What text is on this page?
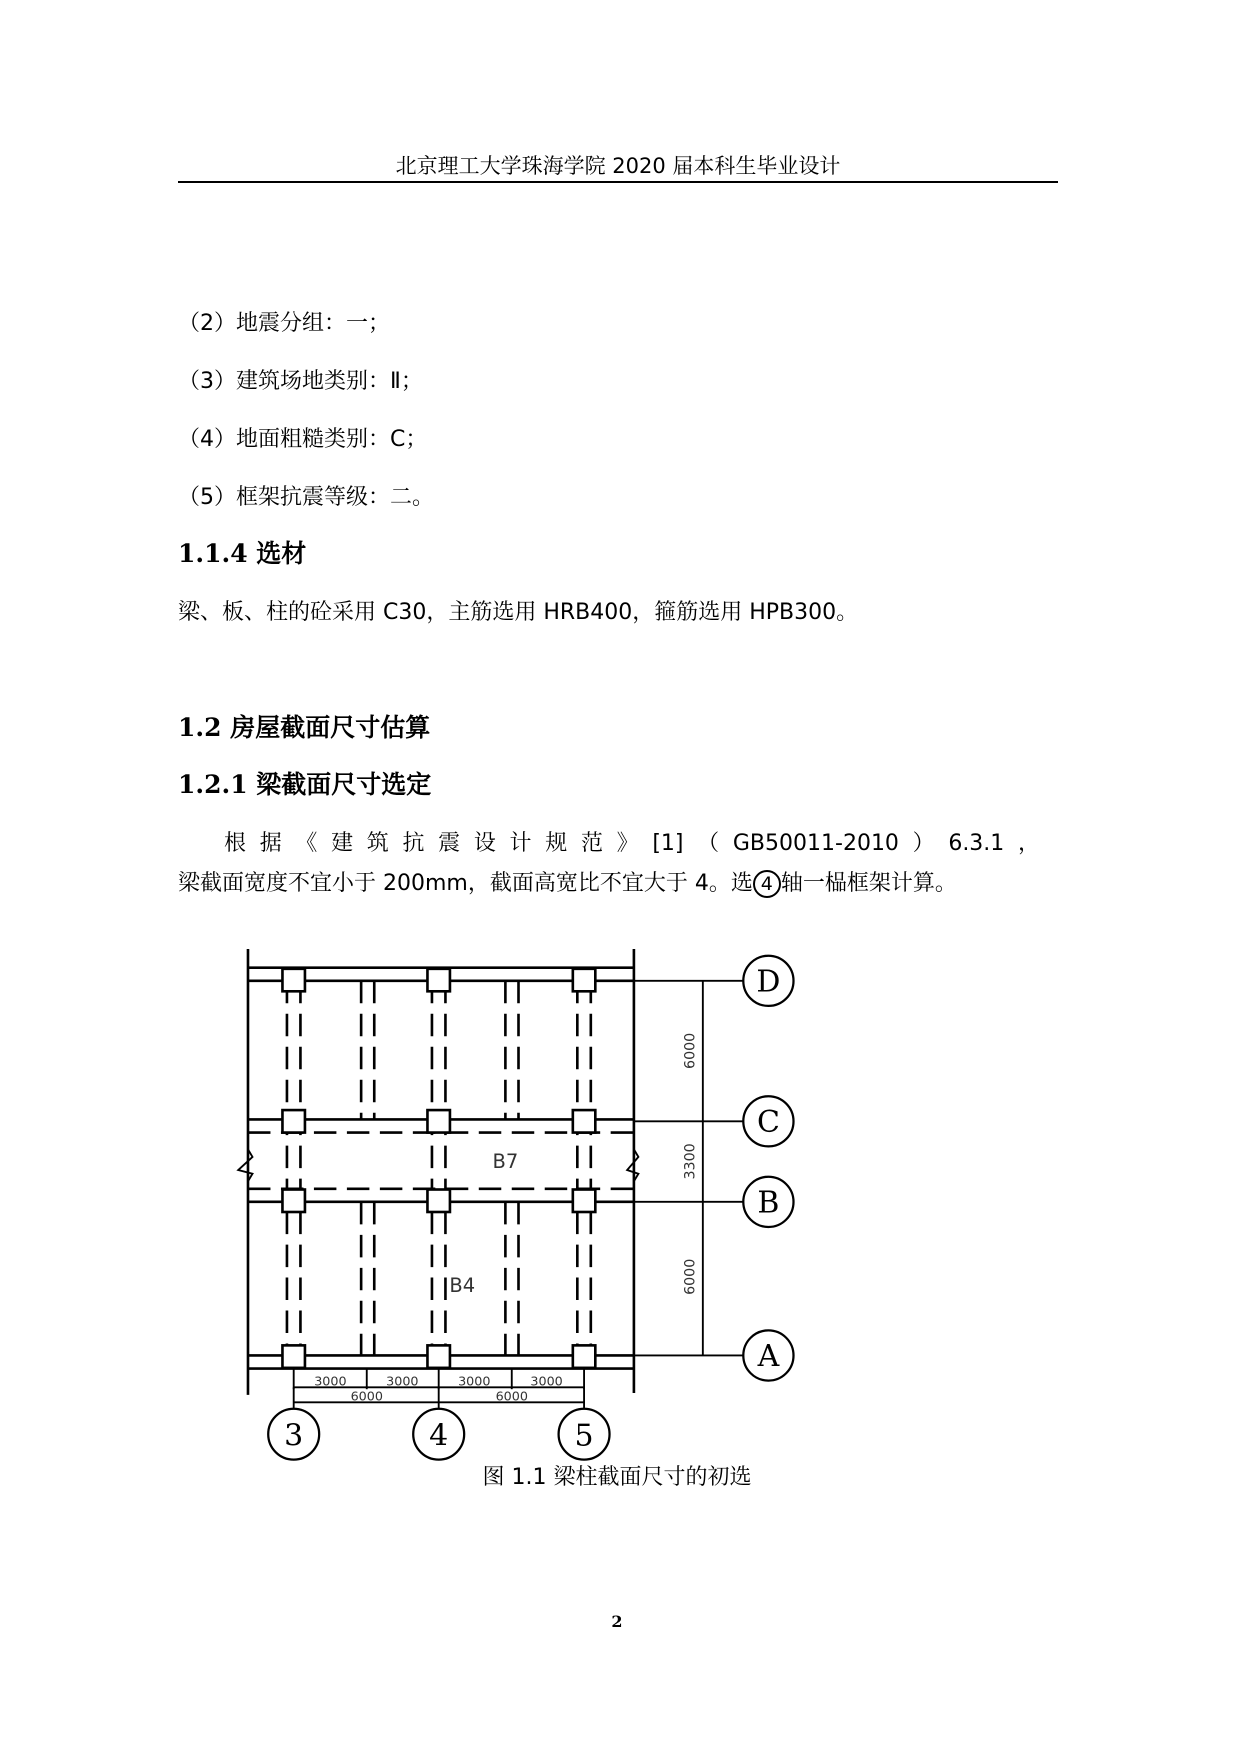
北京理工大学珠海学院 2020 届本科生毕业设计
（2）地震分组：一；
（3）建筑场地类别：Ⅱ；
（4）地面粗糙类别：C；
（5）框架抗震等级：二。
1.1.4 选材
梁、板、柱的砼采用 C30，主筋选用 HRB400，箍筋选用 HPB300。
1.2 房屋截面尺寸估算
1.2.1 梁截面尺寸选定
根据《建筑抗震设计规范》[1]（GB50011-2010）6.3.1，
梁截面宽度不宜小于 200mm，截面高宽比不宜大于 4。选 4 轴一榀框架计算。
B7
B4
D
C
B
A
6000
3300
6000
3000 3000 3000 3000
6000	6000
3 4 5
图 1.1 梁柱截面尺寸的初选
2
